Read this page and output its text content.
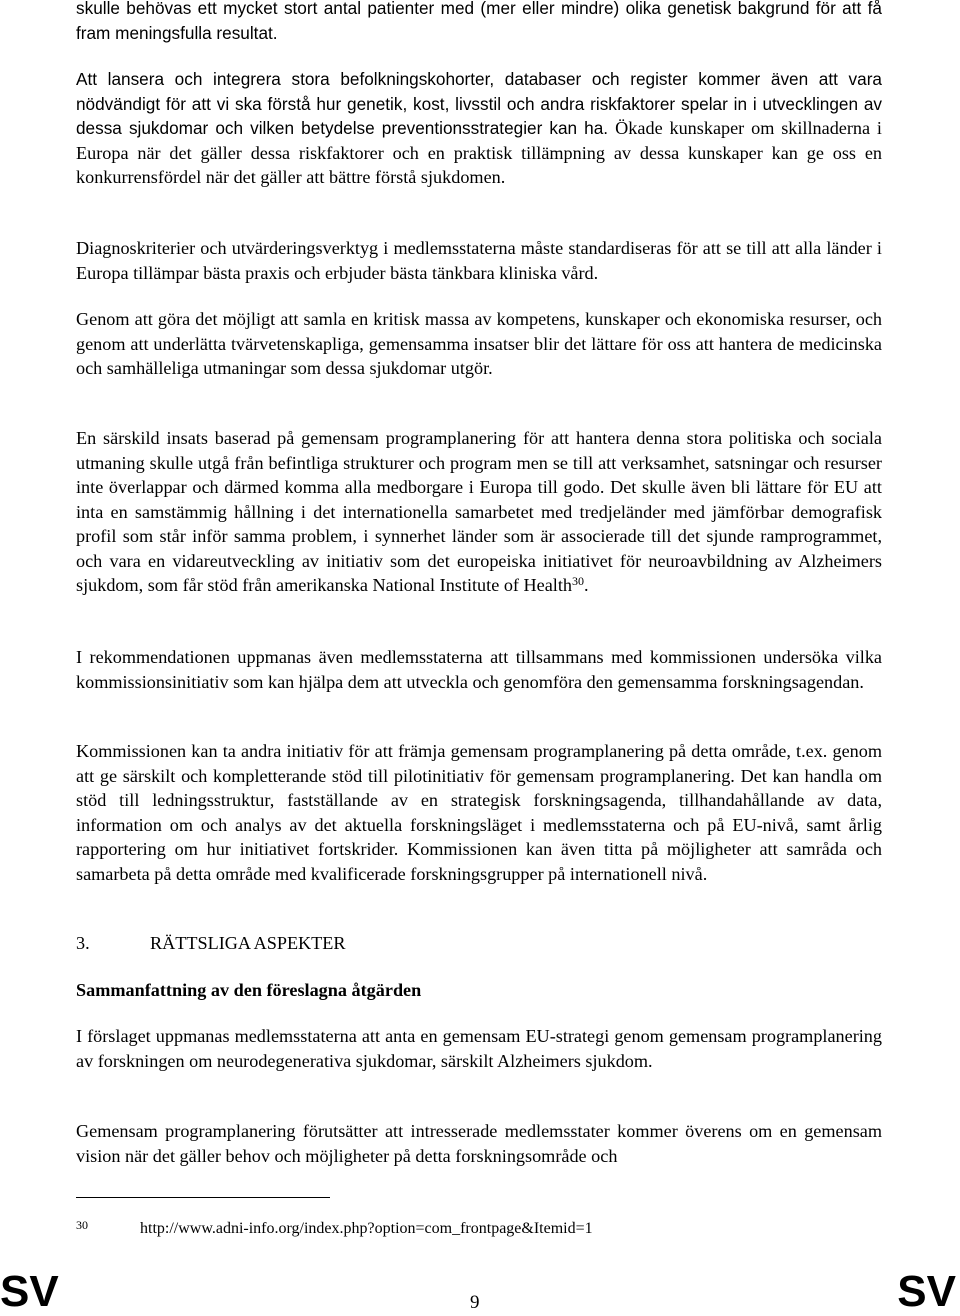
skulle behövas ett mycket stort antal patienter med (mer eller mindre) olika genetisk bakgrund för att få fram meningsfulla resultat.

Att lansera och integrera stora befolkningskohorter, databaser och register kommer även att vara nödvändigt för att vi ska förstå hur genetik, kost, livsstil och andra riskfaktorer spelar in i utvecklingen av dessa sjukdomar och vilken betydelse preventionsstrategier kan ha. Ökade kunskaper om skillnaderna i Europa när det gäller dessa riskfaktorer och en praktisk tillämpning av dessa kunskaper kan ge oss en konkurrensfördel när det gäller att bättre förstå sjukdomen.

Diagnoskriterier och utvärderingsverktyg i medlemsstaterna måste standardiseras för att se till att alla länder i Europa tillämpar bästa praxis och erbjuder bästa tänkbara kliniska vård.

Genom att göra det möjligt att samla en kritisk massa av kompetens, kunskaper och ekonomiska resurser, och genom att underlätta tvärvetenskapliga, gemensamma insatser blir det lättare för oss att hantera de medicinska och samhälleliga utmaningar som dessa sjukdomar utgör.

En särskild insats baserad på gemensam programplanering för att hantera denna stora politiska och sociala utmaning skulle utgå från befintliga strukturer och program men se till att verksamhet, satsningar och resurser inte överlappar och därmed komma alla medborgare i Europa till godo. Det skulle även bli lättare för EU att inta en samstämmig hållning i det internationella samarbetet med tredjeländer med jämförbar demografisk profil som står inför samma problem, i synnerhet länder som är associerade till det sjunde ramprogrammet, och vara en vidareutveckling av initiativ som det europeiska initiativet för neuroavbildning av Alzheimers sjukdom, som får stöd från amerikanska National Institute of Health$^{30}$.

I rekommendationen uppmanas även medlemsstaterna att tillsammans med kommissionen undersöka vilka kommissionsinitiativ som kan hjälpa dem att utveckla och genomföra den gemensamma forskningsagendan.

Kommissionen kan ta andra initiativ för att främja gemensam programplanering på detta område, t.ex. genom att ge särskilt och kompletterande stöd till pilotinitiativ för gemensam programplanering. Det kan handla om stöd till ledningsstruktur, fastställande av en strategisk forskningsagenda, tillhandahållande av data, information om och analys av det aktuella forskningsläget i medlemsstaterna och på EU-nivå, samt årlig rapportering om hur initiativet fortskrider. Kommissionen kan även titta på möjligheter att samråda och samarbeta på detta område med kvalificerade forskningsgrupper på internationell nivå.

3.	RÄTTSLIGA ASPEKTER
Sammanfattning av den föreslagna åtgärden

I förslaget uppmanas medlemsstaterna att anta en gemensam EU-strategi genom gemensam programplanering av forskningen om neurodegenerativa sjukdomar, särskilt Alzheimers sjukdom.

Gemensam programplanering förutsätter att intresserade medlemsstater kommer överens om en gemensam vision när det gäller behov och möjligheter på detta forskningsområde och

30	http://www.adni-info.org/index.php?option=com_frontpage&Itemid=1
SV	9	SV
